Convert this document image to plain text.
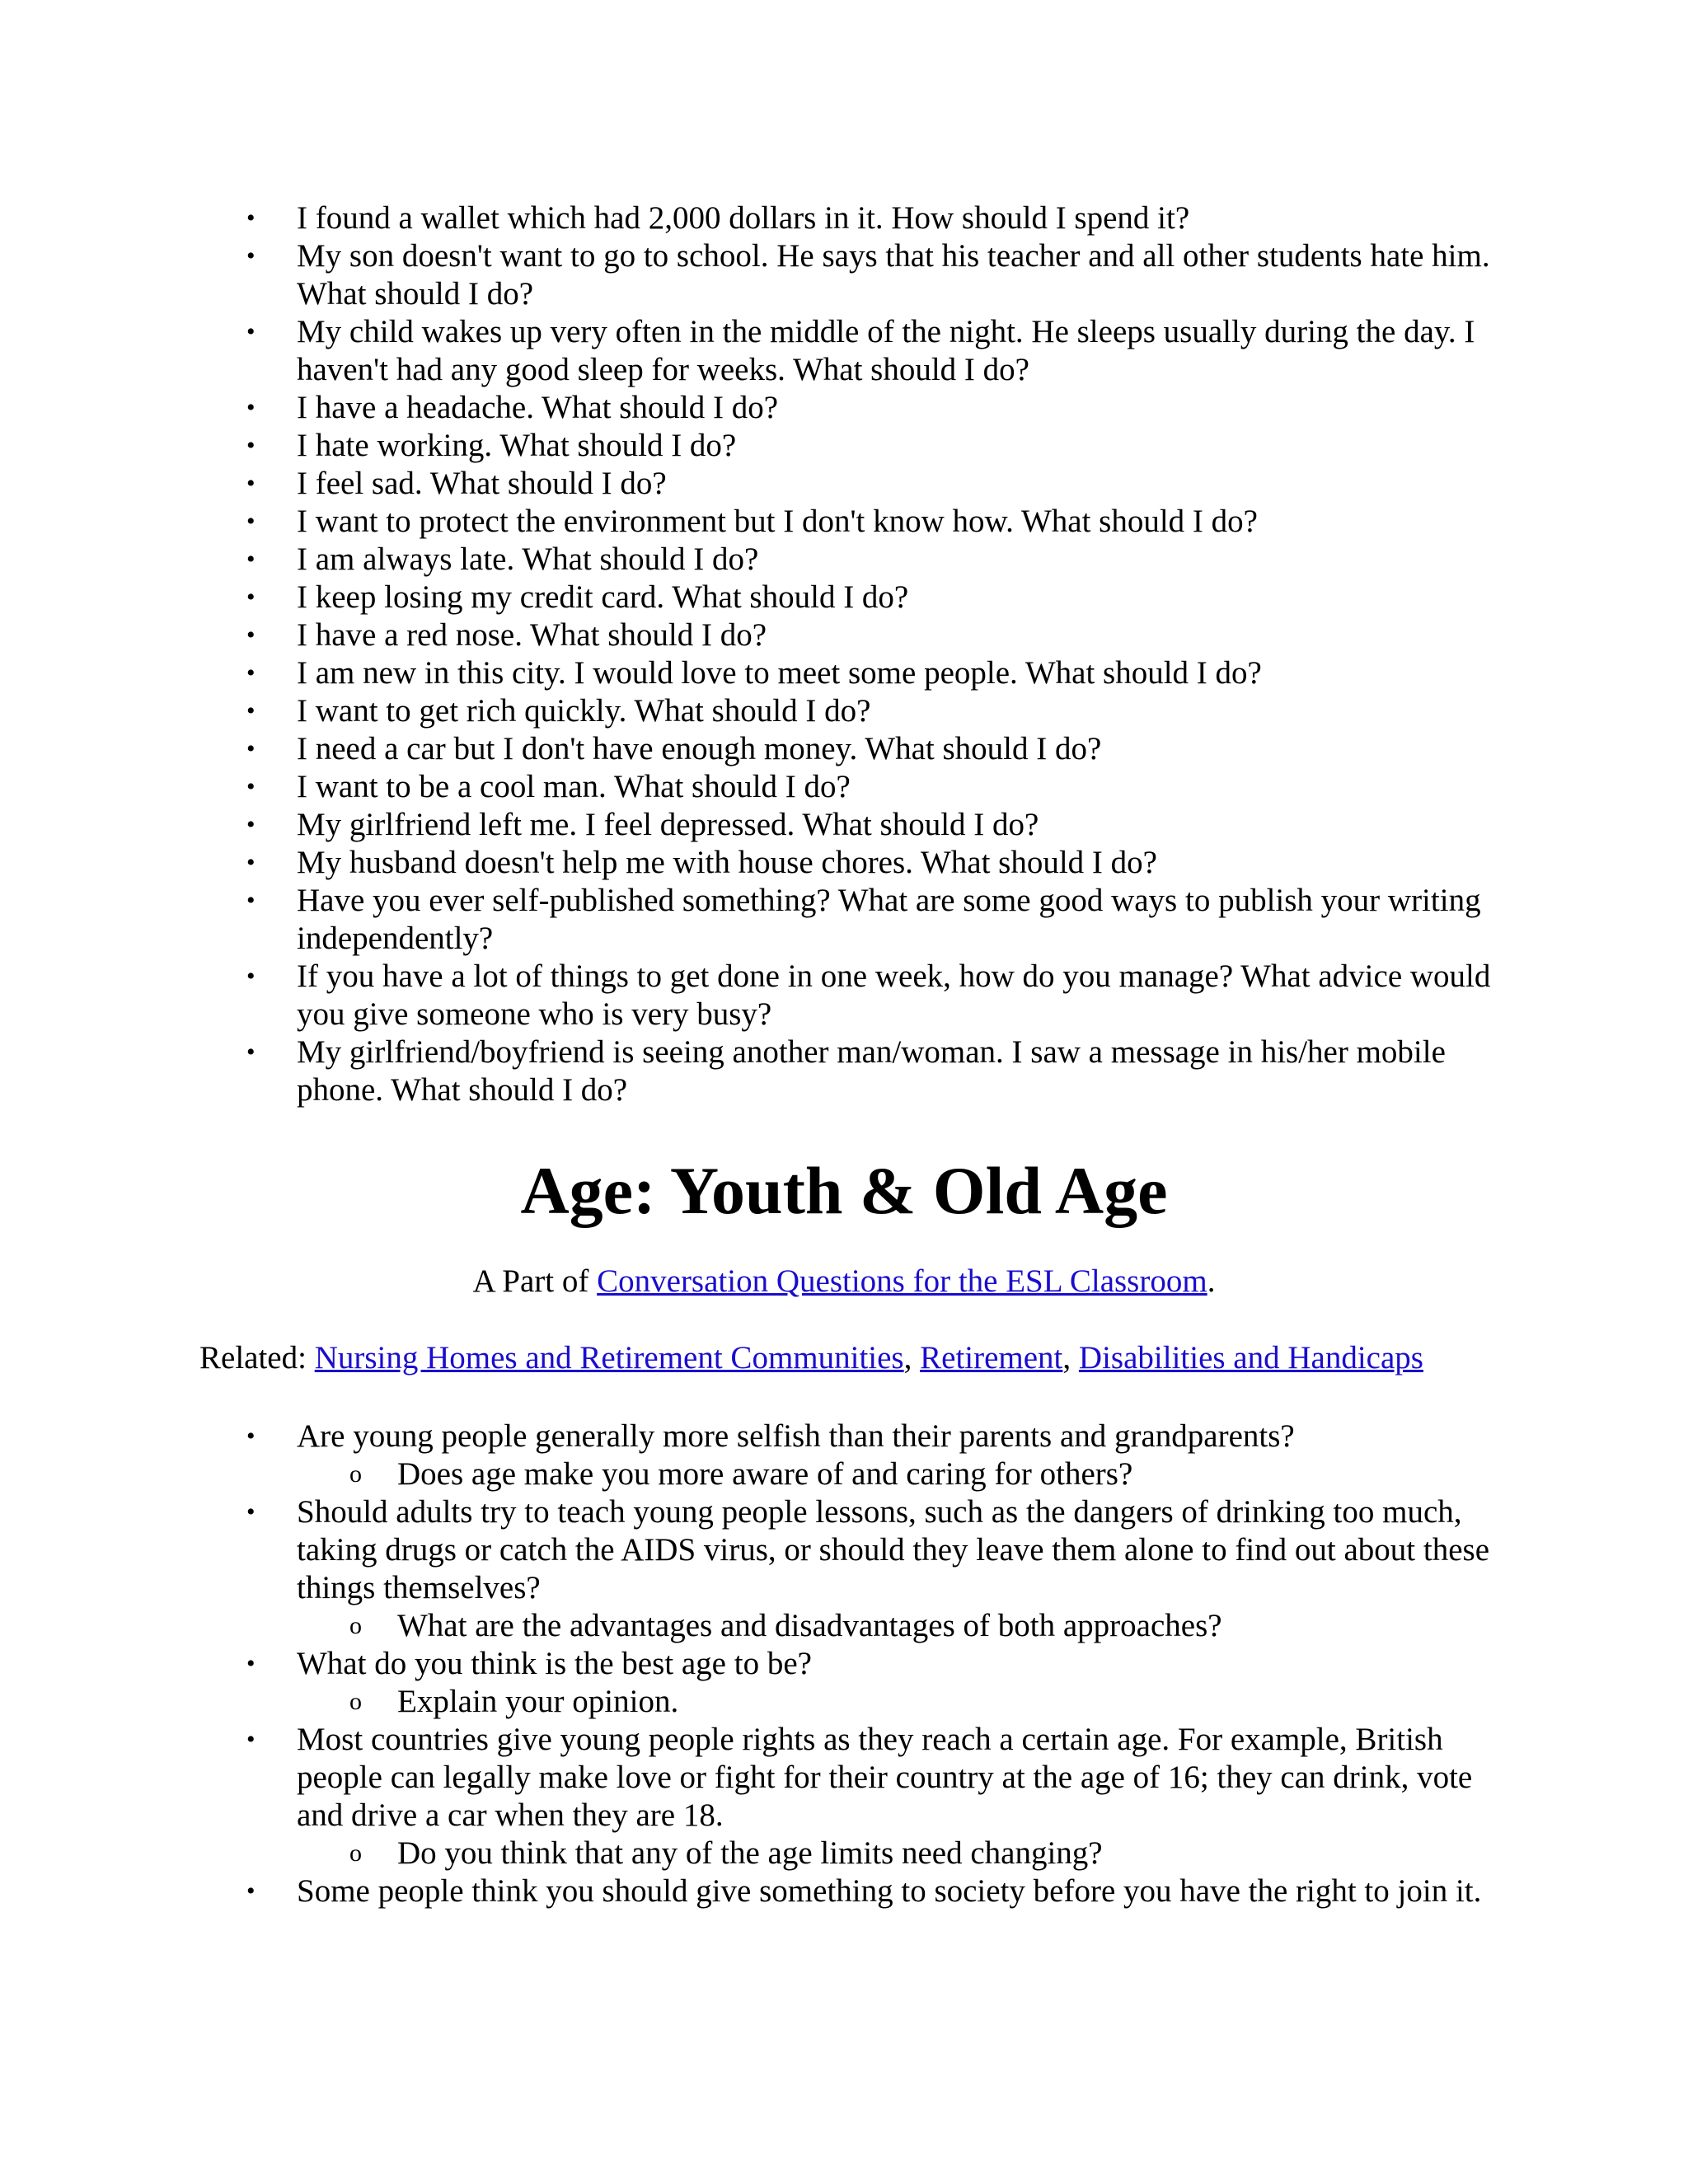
• I found a wallet which had 2,000 dollars in it. How should I spend it?
• My son doesn't want to go to school. He says that his teacher and all other students hate him. What should I do?
• My child wakes up very often in the middle of the night. He sleeps usually during the day. I haven't had any good sleep for weeks. What should I do?
• I have a headache. What should I do?
• I hate working. What should I do?
• I feel sad. What should I do?
• I want to protect the environment but I don't know how. What should I do?
• I am always late. What should I do?
• I keep losing my credit card. What should I do?
• I have a red nose. What should I do?
• I am new in this city. I would love to meet some people. What should I do?
• I want to get rich quickly. What should I do?
• I need a car but I don't have enough money. What should I do?
• I want to be a cool man. What should I do?
• My girlfriend left me. I feel depressed. What should I do?
• My husband doesn't help me with house chores. What should I do?
• Have you ever self-published something? What are some good ways to publish your writing independently?
• If you have a lot of things to get done in one week, how do you manage? What advice would you give someone who is very busy?
• My girlfriend/boyfriend is seeing another man/woman. I saw a message in his/her mobile phone. What should I do?
Age: Youth & Old Age
A Part of Conversation Questions for the ESL Classroom.
Related: Nursing Homes and Retirement Communities, Retirement, Disabilities and Handicaps
• Are young people generally more selfish than their parents and grandparents?
o Does age make you more aware of and caring for others?
• Should adults try to teach young people lessons, such as the dangers of drinking too much, taking drugs or catch the AIDS virus, or should they leave them alone to find out about these things themselves?
o What are the advantages and disadvantages of both approaches?
• What do you think is the best age to be?
o Explain your opinion.
• Most countries give young people rights as they reach a certain age. For example, British people can legally make love or fight for their country at the age of 16; they can drink, vote and drive a car when they are 18.
o Do you think that any of the age limits need changing?
• Some people think you should give something to society before you have the right to join it.
